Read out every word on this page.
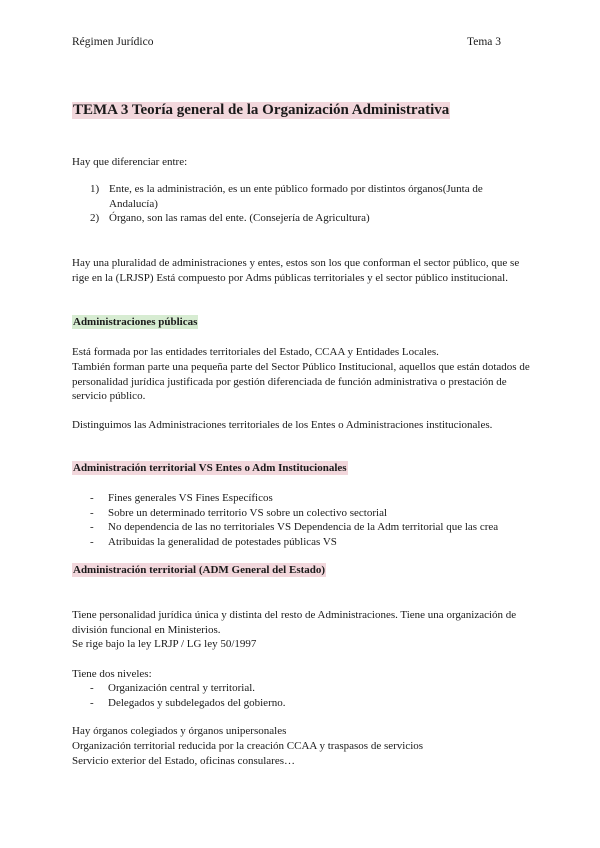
Régimen Jurídico	Tema 3
TEMA 3 Teoría general de la Organización Administrativa
Hay que diferenciar entre:
1) Ente, es la administración, es un ente público formado por distintos órganos(Junta de Andalucía)
2) Órgano, son las ramas del ente. (Consejería de Agricultura)
Hay una pluralidad de administraciones y entes, estos son los que conforman el sector público, que se rige en la (LRJSP) Está compuesto por Adms públicas territoriales y el sector público institucional.
Administraciones públicas
Está formada por las entidades territoriales del Estado, CCAA y Entidades Locales.
También forman parte una pequeña parte del Sector Público Institucional, aquellos que están dotados de personalidad jurídica justificada por gestión diferenciada de función administrativa o prestación de servicio público.
Distinguimos las Administraciones territoriales de los Entes o Administraciones institucionales.
Administración territorial VS Entes o Adm Institucionales
- Fines generales VS Fines Específicos
- Sobre un determinado territorio VS sobre un colectivo sectorial
- No dependencia de las no territoriales VS Dependencia de la Adm territorial que las crea
- Atribuidas la generalidad de potestades públicas VS
Administración territorial (ADM General del Estado)
Tiene personalidad jurídica única y distinta del resto de Administraciones. Tiene una organización de división funcional en Ministerios.
Se rige bajo la ley LRJP / LG ley 50/1997
Tiene dos niveles:
- Organización central y territorial.
- Delegados y subdelegados del gobierno.
Hay órganos colegiados y órganos unipersonales
Organización territorial reducida por la creación CCAA y traspasos de servicios
Servicio exterior del Estado, oficinas consulares…
